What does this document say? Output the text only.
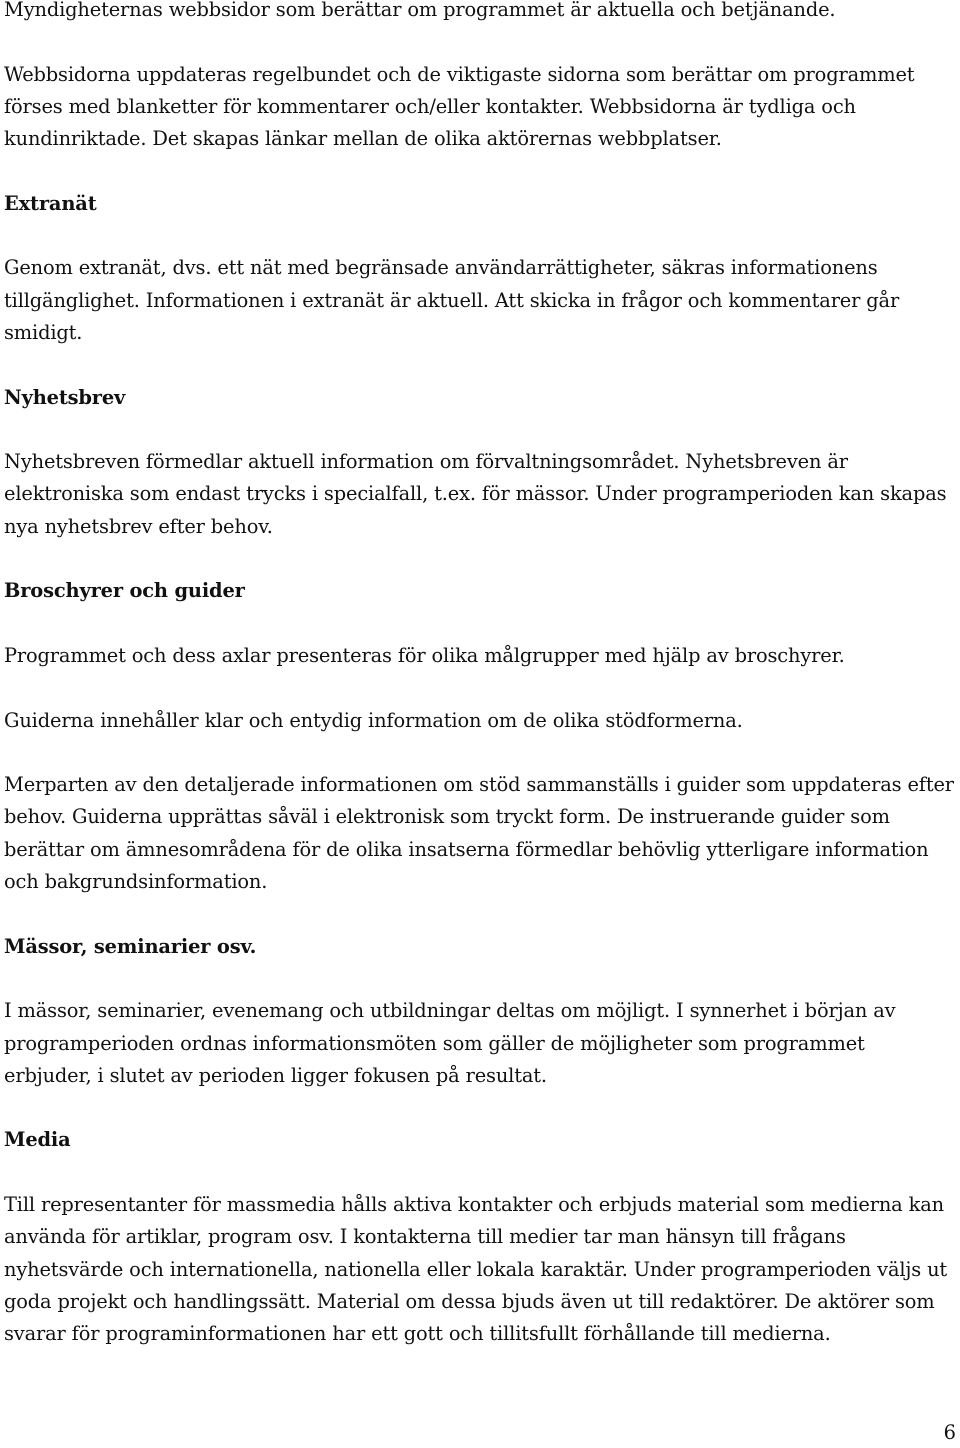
Myndigheternas webbsidor som berättar om programmet är aktuella och betjänande.

Webbsidorna uppdateras regelbundet och de viktigaste sidorna som berättar om programmet förses med blanketter för kommentarer och/eller kontakter. Webbsidorna är tydliga och kundinriktade. Det skapas länkar mellan de olika aktörernas webbplatser.

Extranät

Genom extranät, dvs. ett nät med begränsade användarrättigheter, säkras informationens tillgänglighet. Informationen i extranät är aktuell. Att skicka in frågor och kommentarer går smidigt.

Nyhetsbrev

Nyhetsbreven förmedlar aktuell information om förvaltningsområdet. Nyhetsbreven är elektroniska som endast trycks i specialfall, t.ex. för mässor. Under programperioden kan skapas nya nyhetsbrev efter behov.

Broschyrer och guider

Programmet och dess axlar presenteras för olika målgrupper med hjälp av broschyrer.

Guiderna innehåller klar och entydig information om de olika stödformerna.

Merparten av den detaljerade informationen om stöd sammanställs i guider som uppdateras efter behov. Guiderna upprättas såväl i elektronisk som tryckt form. De instruerande guider som berättar om ämnesområdena för de olika insatserna förmedlar behövlig ytterligare information och bakgrundsinformation.

Mässor, seminarier osv.

I mässor, seminarier, evenemang och utbildningar deltas om möjligt. I synnerhet i början av programperioden ordnas informationsmöten som gäller de möjligheter som programmet erbjuder, i slutet av perioden ligger fokusen på resultat.

Media

Till representanter för massmedia hålls aktiva kontakter och erbjuds material som medierna kan använda för artiklar, program osv. I kontakterna till medier tar man hänsyn till frågans nyhetsvärde och internationella, nationella eller lokala karaktär. Under programperioden väljs ut goda projekt och handlingssätt. Material om dessa bjuds även ut till redaktörer. De aktörer som svarar för programinformationen har ett gott och tillitsfullt förhållande till medierna.

6
